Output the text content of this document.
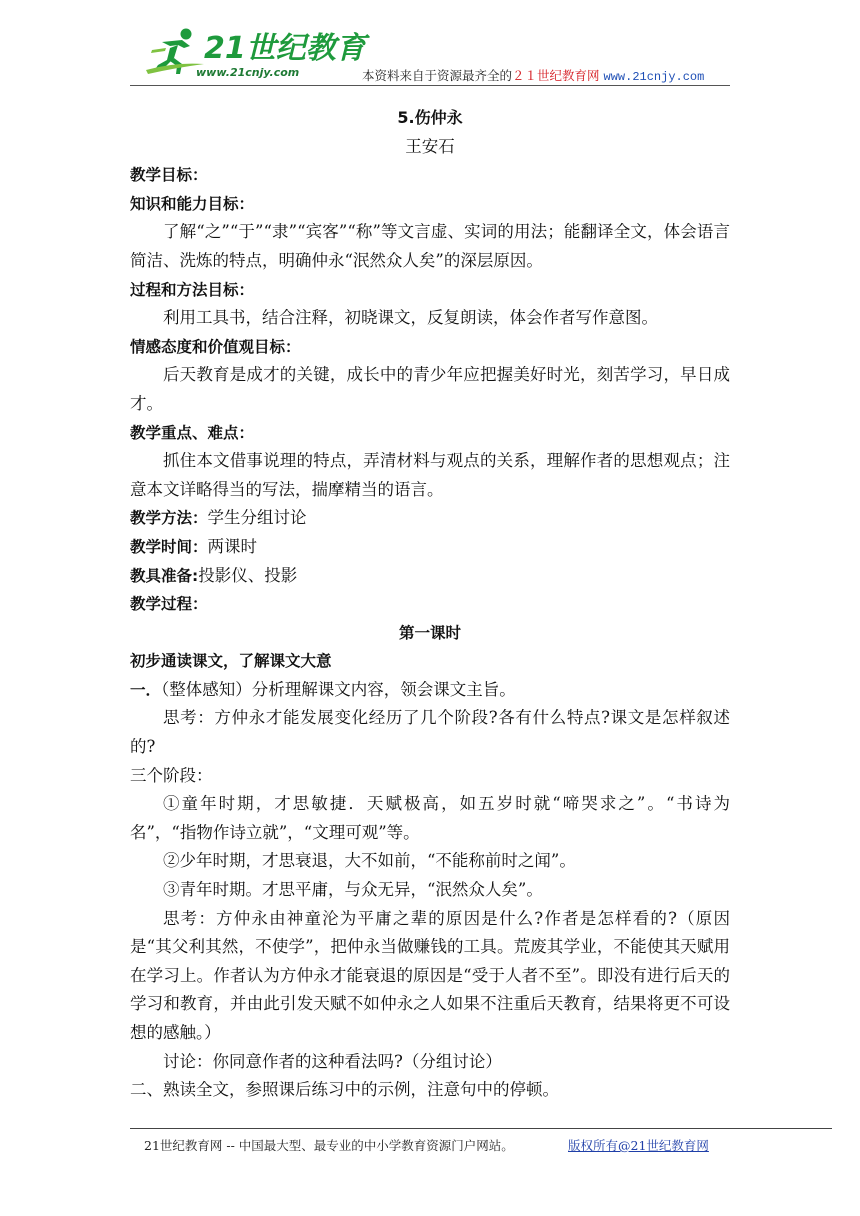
21世纪教育
www.21cnjy.com	本资料来自于资源最齐全的２１世纪教育网 www.21cnjy.com

5.伤仲永

王安石

教学目标：

知识和能力目标：

了解“之”“于”“隶”“宾客”“称”等文言虚、实词的用法；能翻译全文，体会语言简洁、洗炼的特点，明确仲永“泯然众人矣”的深层原因。

过程和方法目标：

利用工具书，结合注释，初晓课文，反复朗读，体会作者写作意图。

情感态度和价值观目标：

后天教育是成才的关键，成长中的青少年应把握美好时光，刻苦学习，早日成才。

教学重点、难点：

抓住本文借事说理的特点，弄清材料与观点的关系，理解作者的思想观点；注意本文详略得当的写法，揣摩精当的语言。

教学方法：学生分组讨论

教学时间：两课时

教具准备:投影仪、投影

教学过程：

第一课时

初步通读课文，了解课文大意

一．（整体感知）分析理解课文内容，领会课文主旨。

思考：方仲永才能发展变化经历了几个阶段?各有什么特点?课文是怎样叙述的?

三个阶段：

①童年时期，才思敏捷．天赋极高，如五岁时就“啼哭求之”。“书诗为名”，“指物作诗立就”，“文理可观”等。

②少年时期，才思衰退，大不如前，“不能称前时之闻”。

③青年时期。才思平庸，与众无异，“泯然众人矣”。

思考：方仲永由神童沦为平庸之辈的原因是什么?作者是怎样看的?（原因是“其父利其然，不使学”，把仲永当做赚钱的工具。荒废其学业，不能使其天赋用在学习上。作者认为方仲永才能衰退的原因是“受于人者不至”。即没有进行后天的学习和教育，并由此引发天赋不如仲永之人如果不注重后天教育，结果将更不可设想的感触。）

讨论：你同意作者的这种看法吗?（分组讨论）

二、熟读全文，参照课后练习中的示例，注意句中的停顿。

21世纪教育网 -- 中国最大型、最专业的中小学教育资源门户网站。	版权所有@21世纪教育网
